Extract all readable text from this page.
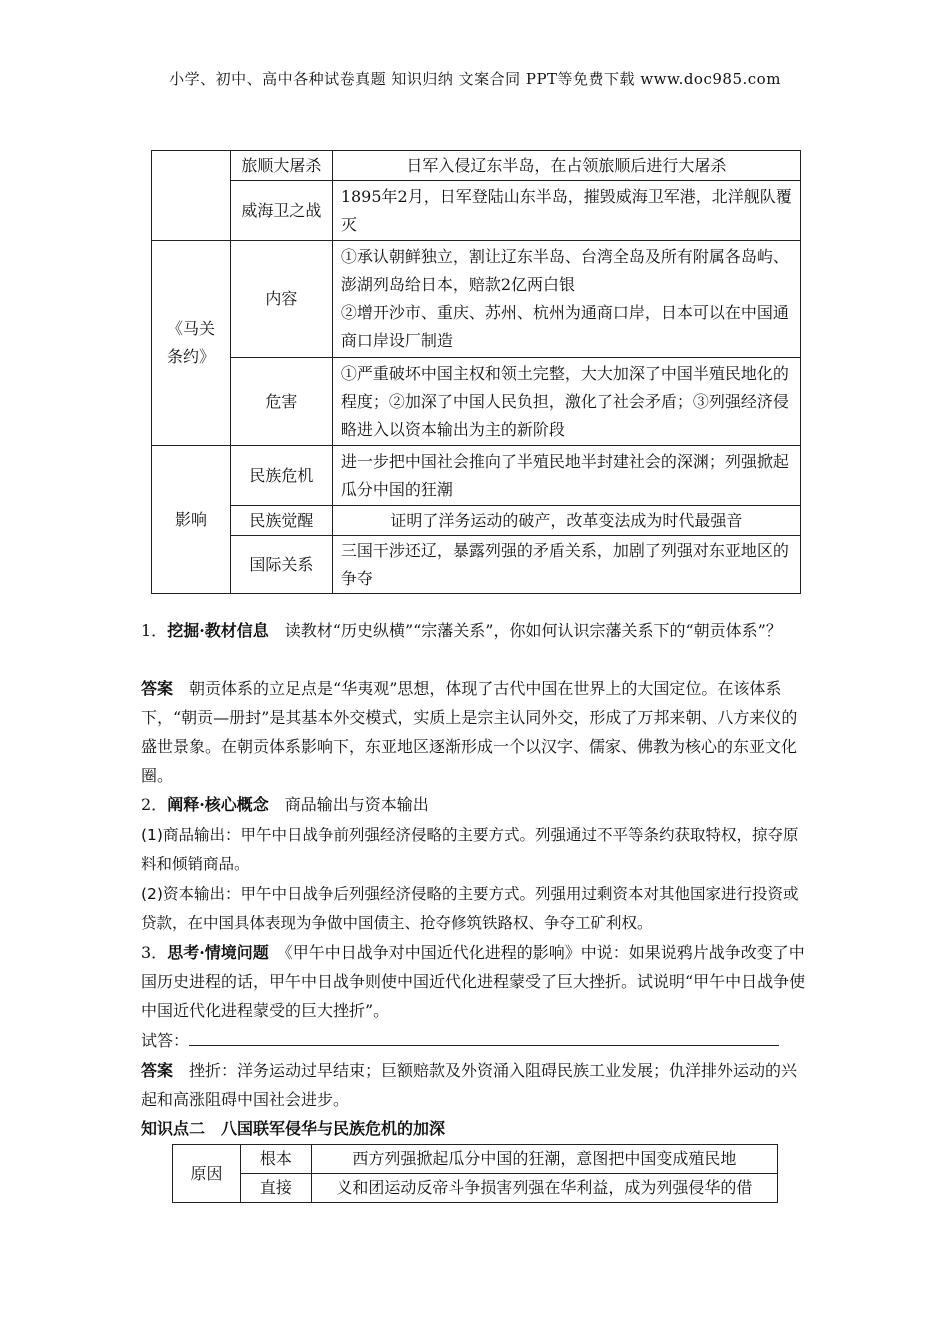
小学、初中、高中各种试卷真题 知识归纳 文案合同 PPT等免费下载 www.doc985.com
	旅顺大屠杀	日军入侵辽东半岛，在占领旅顺后进行大屠杀
	威海卫之战	1895年2月，日军登陆山东半岛，摧毁威海卫军港，北洋舰队覆灭
《马关条约》	内容	①承认朝鲜独立，割让辽东半岛、台湾全岛及所有附属各岛屿、澎湖列岛给日本，赔款2亿两白银
②增开沙市、重庆、苏州、杭州为通商口岸，日本可以在中国通商口岸设厂制造

	危害	①严重破坏中国主权和领土完整，大大加深了中国半殖民地化的程度；②加深了中国人民负担，激化了社会矛盾；③列强经济侵略进入以资本输出为主的新阶段
影响	民族危机	进一步把中国社会推向了半殖民地半封建社会的深渊；列强掀起瓜分中国的狂潮
	民族觉醒	证明了洋务运动的破产，改革变法成为时代最强音
	国际关系	三国干涉还辽，暴露列强的矛盾关系，加剧了列强对东亚地区的争夺
1．挖掘·教材信息　读教材“历史纵横”“宗藩关系”，你如何认识宗藩关系下的“朝贡体系”？
答案　朝贡体系的立足点是“华夷观”思想，体现了古代中国在世界上的大国定位。在该体系下，“朝贡—册封”是其基本外交模式，实质上是宗主认同外交，形成了万邦来朝、八方来仪的盛世景象。在朝贡体系影响下，东亚地区逐渐形成一个以汉字、儒家、佛教为核心的东亚文化圈。
2．阐释·核心概念　商品输出与资本输出
(1)商品输出：甲午中日战争前列强经济侵略的主要方式。列强通过不平等条约获取特权，掠夺原料和倾销商品。
(2)资本输出：甲午中日战争后列强经济侵略的主要方式。列强用过剩资本对其他国家进行投资或贷款，在中国具体表现为争做中国债主、抢夺修筑铁路权、争夺工矿利权。
3．思考·情境问题　《甲午中日战争对中国近代化进程的影响》中说：如果说鸦片战争改变了中国历史进程的话，甲午中日战争则使中国近代化进程蒙受了巨大挫折。试说明“甲午中日战争使中国近代化进程蒙受的巨大挫折”。
试答：
答案　挫折：洋务运动过早结束；巨额赔款及外资涌入阻碍民族工业发展；仇洋排外运动的兴起和高涨阻碍中国社会进步。
知识点二　八国联军侵华与民族危机的加深
原因	根本	西方列强掀起瓜分中国的狂潮，意图把中国变成殖民地
	直接	义和团运动反帝斗争损害列强在华利益，成为列强侵华的借
